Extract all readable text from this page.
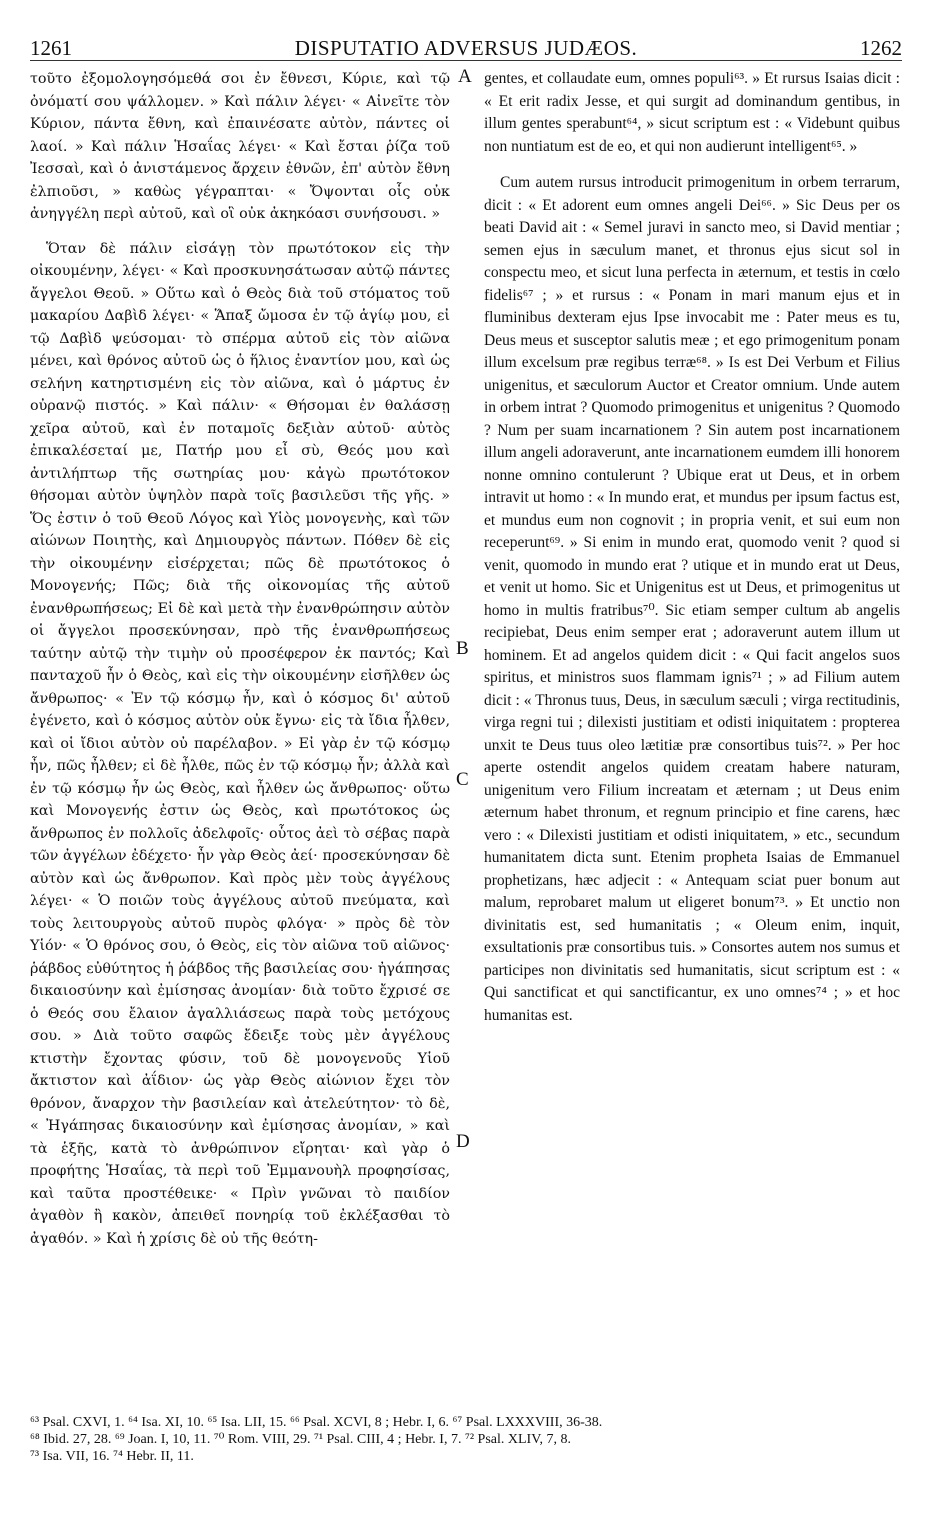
1261	DISPUTATIO ADVERSUS JUDÆOS.	1262

τοῦτο ἐξομολογησόμεθά σοι ἐν ἔθνεσι, Κύριε, καὶ τῷ ὀνόματί σου ψάλλομεν. » Καὶ πάλιν λέγει· « Αἰνεῖτε τὸν Κύριον, πάντα ἔθνη, καὶ ἐπαινέσατε αὐτὸν, πάντες οἱ λαοί. » Καὶ πάλιν Ἡσαΐας λέγει· « Καὶ ἔσται ῥίζα τοῦ Ἰεσσαὶ, καὶ ὁ ἀνιστάμενος ἄρχειν ἐθνῶν, ἐπ' αὐτὸν ἔθνη ἐλπιοῦσι, » καθὼς γέγραπται· « Ὄψονται οἷς οὐκ ἀνηγγέλη περὶ αὐτοῦ, καὶ οἳ οὐκ ἀκηκόασι συνήσουσι. »

Ὅταν δὲ πάλιν εἰσάγῃ τὸν πρωτότοκον εἰς τὴν οἰκουμένην, λέγει· « Καὶ προσκυνησάτωσαν αὐτῷ πάντες ἄγγελοι Θεοῦ. » Οὕτω καὶ ὁ Θεὸς διὰ τοῦ στόματος τοῦ μακαρίου Δαβὶδ λέγει· « Ἅπαξ ὤμοσα ἐν τῷ ἁγίῳ μου, εἰ τῷ Δαβὶδ ψεύσομαι· τὸ σπέρμα αὐτοῦ εἰς τὸν αἰῶνα μένει, καὶ θρόνος αὐτοῦ ὡς ὁ ἥλιος ἐναντίον μου, καὶ ὡς σελήνη κατηρτισμένη εἰς τὸν αἰῶνα, καὶ ὁ μάρτυς ἐν οὐρανῷ πιστός. » Καὶ πάλιν· « Θήσομαι ἐν θαλάσσῃ χεῖρα αὐτοῦ, καὶ ἐν ποταμοῖς δεξιὰν αὐτοῦ· αὐτὸς ἐπικαλέσεταί με, Πατήρ μου εἶ σὺ, Θεός μου καὶ ἀντιλήπτωρ τῆς σωτηρίας μου· κἀγὼ πρωτότοκον θήσομαι αὐτὸν ὑψηλὸν παρὰ τοῖς βασιλεῦσι τῆς γῆς. » Ὅς ἐστιν ὁ τοῦ Θεοῦ Λόγος καὶ Υἱὸς μονογενὴς, καὶ τῶν αἰώνων Ποιητὴς, καὶ Δημιουργὸς πάντων. Πόθεν δὲ εἰς τὴν οἰκουμένην εἰσέρχεται; πῶς δὲ πρωτότοκος ὁ Μονογενής; Πῶς; διὰ τῆς οἰκονομίας τῆς αὐτοῦ ἐνανθρωπήσεως; Εἰ δὲ καὶ μετὰ τὴν ἐνανθρώπησιν αὐτὸν οἱ ἄγγελοι προσεκύνησαν, πρὸ τῆς ἐνανθρωπήσεως ταύτην αὐτῷ τὴν τιμὴν οὐ προσέφερον ἐκ παντός; Καὶ πανταχοῦ ἦν ὁ Θεὸς, καὶ εἰς τὴν οἰκουμένην εἰσῆλθεν ὡς ἄνθρωπος· « Ἐν τῷ κόσμῳ ἦν, καὶ ὁ κόσμος δι' αὐτοῦ ἐγένετο, καὶ ὁ κόσμος αὐτὸν οὐκ ἔγνω· εἰς τὰ ἴδια ἦλθεν, καὶ οἱ ἴδιοι αὐτὸν οὐ παρέλαβον. » Εἰ γὰρ ἐν τῷ κόσμῳ ἦν, πῶς ἦλθεν; εἰ δὲ ἦλθε, πῶς ἐν τῷ κόσμῳ ἦν; ἀλλὰ καὶ ἐν τῷ κόσμῳ ἦν ὡς Θεὸς, καὶ ἦλθεν ὡς ἄνθρωπος· οὕτω καὶ Μονογενής ἐστιν ὡς Θεὸς, καὶ πρωτότοκος ὡς ἄνθρωπος ἐν πολλοῖς ἀδελφοῖς· οὗτος ἀεὶ τὸ σέβας παρὰ τῶν ἀγγέλων ἐδέχετο· ἦν γὰρ Θεὸς ἀεί· προσεκύνησαν δὲ αὐτὸν καὶ ὡς ἄνθρωπον. Καὶ πρὸς μὲν τοὺς ἀγγέλους λέγει· « Ὁ ποιῶν τοὺς ἀγγέλους αὐτοῦ πνεύματα, καὶ τοὺς λειτουργοὺς αὐτοῦ πυρὸς φλόγα· » πρὸς δὲ τὸν Υἱόν· « Ὁ θρόνος σου, ὁ Θεὸς, εἰς τὸν αἰῶνα τοῦ αἰῶνος· ῥάβδος εὐθύτητος ἡ ῥάβδος τῆς βασιλείας σου· ἠγάπησας δικαιοσύνην καὶ ἐμίσησας ἀνομίαν· διὰ τοῦτο ἔχρισέ σε ὁ Θεός σου ἔλαιον ἀγαλλιάσεως παρὰ τοὺς μετόχους σου. » Διὰ τοῦτο σαφῶς ἔδειξε τοὺς μὲν ἀγγέλους κτιστὴν ἔχοντας φύσιν, τοῦ δὲ μονογενοῦς Υἱοῦ ἄκτιστον καὶ ἀΐδιον· ὡς γὰρ Θεὸς αἰώνιον ἔχει τὸν θρόνον, ἄναρχον τὴν βασιλείαν καὶ ἀτελεύτητον· τὸ δὲ, « Ἠγάπησας δικαιοσύνην καὶ ἐμίσησας ἀνομίαν, » καὶ τὰ ἑξῆς, κατὰ τὸ ἀνθρώπινον εἴρηται· καὶ γὰρ ὁ προφήτης Ἡσαΐας, τὰ περὶ τοῦ Ἐμμανουὴλ προφησίσας, καὶ ταῦτα προστέθεικε· « Πρὶν γνῶναι τὸ παιδίον ἀγαθὸν ἢ κακὸν, ἀπειθεῖ πονηρίᾳ τοῦ ἐκλέξασθαι τὸ ἀγαθόν. » Καὶ ἡ χρίσις δὲ οὐ τῆς θεότη-

gentes, et collaudate eum, omnes populi⁶³. » Et rursus Isaias dicit : « Et erit radix Jesse, et qui surgit ad dominandum gentibus, in illum gentes sperabunt⁶⁴, » sicut scriptum est : « Videbunt quibus non nuntiatum est de eo, et qui non audierunt intelligent⁶⁵. »

Cum autem rursus introducit primogenitum in orbem terrarum, dicit : « Et adorent eum omnes angeli Dei⁶⁶. » Sic Deus per os beati David ait : « Semel juravi in sancto meo, si David mentiar ; semen ejus in sæculum manet, et thronus ejus sicut sol in conspectu meo, et sicut luna perfecta in æternum, et testis in cœlo fidelis⁶⁷ ; » et rursus : « Ponam in mari manum ejus et in fluminibus dexteram ejus Ipse invocabit me : Pater meus es tu, Deus meus et susceptor salutis meæ ; et ego primogenitum ponam illum excelsum præ regibus terræ⁶⁸. » Is est Dei Verbum et Filius unigenitus, et sæculorum Auctor et Creator omnium. Unde autem in orbem intrat ? Quomodo primogenitus et unigenitus ? Quomodo ? Num per suam incarnationem ? Sin autem post incarnationem illum angeli adoraverunt, ante incarnationem eumdem illi honorem nonne omnino contulerunt ? Ubique erat ut Deus, et in orbem intravit ut homo : « In mundo erat, et mundus per ipsum factus est, et mundus eum non cognovit ; in propria venit, et sui eum non receperunt⁶⁹. » Si enim in mundo erat, quomodo venit ? quod si venit, quomodo in mundo erat ? utique et in mundo erat ut Deus, et venit ut homo. Sic et Unigenitus est ut Deus, et primogenitus ut homo in multis fratribus⁷⁰. Sic etiam semper cultum ab angelis recipiebat, Deus enim semper erat ; adoraverunt autem illum ut hominem. Et ad angelos quidem dicit : « Qui facit angelos suos spiritus, et ministros suos flammam ignis⁷¹ ; » ad Filium autem dicit : « Thronus tuus, Deus, in sæculum sæculi ; virga rectitudinis, virga regni tui ; dilexisti justitiam et odisti iniquitatem : propterea unxit te Deus tuus oleo lætitiæ præ consortibus tuis⁷². » Per hoc aperte ostendit angelos quidem creatam habere naturam, unigenitum vero Filium increatam et æternam ; ut Deus enim æternum habet thronum, et regnum principio et fine carens, hæc vero : « Dilexisti justitiam et odisti iniquitatem, » etc., secundum humanitatem dicta sunt. Etenim propheta Isaias de Emmanuel prophetizans, hæc adjecit : « Antequam sciat puer bonum aut malum, reprobaret malum ut eligeret bonum⁷³. » Et unctio non divinitatis est, sed humanitatis ; « Oleum enim, inquit, exsultationis præ consortibus tuis. » Consortes autem nos sumus et participes non divinitatis sed humanitatis, sicut scriptum est : « Qui sanctificat et qui sanctificantur, ex uno omnes⁷⁴ ; » et hoc humanitas est.

A
B
C
D
⁶³ Psal. CXVI, 1. ⁶⁴ Isa. XI, 10. ⁶⁵ Isa. LII, 15. ⁶⁶ Psal. XCVI, 8 ; Hebr. I, 6. ⁶⁷ Psal. LXXXVIII, 36-38.
⁶⁸ Ibid. 27, 28. ⁶⁹ Joan. I, 10, 11. ⁷⁰ Rom. VIII, 29. ⁷¹ Psal. CIII, 4 ; Hebr. I, 7. ⁷² Psal. XLIV, 7, 8.
⁷³ Isa. VII, 16. ⁷⁴ Hebr. II, 11.
